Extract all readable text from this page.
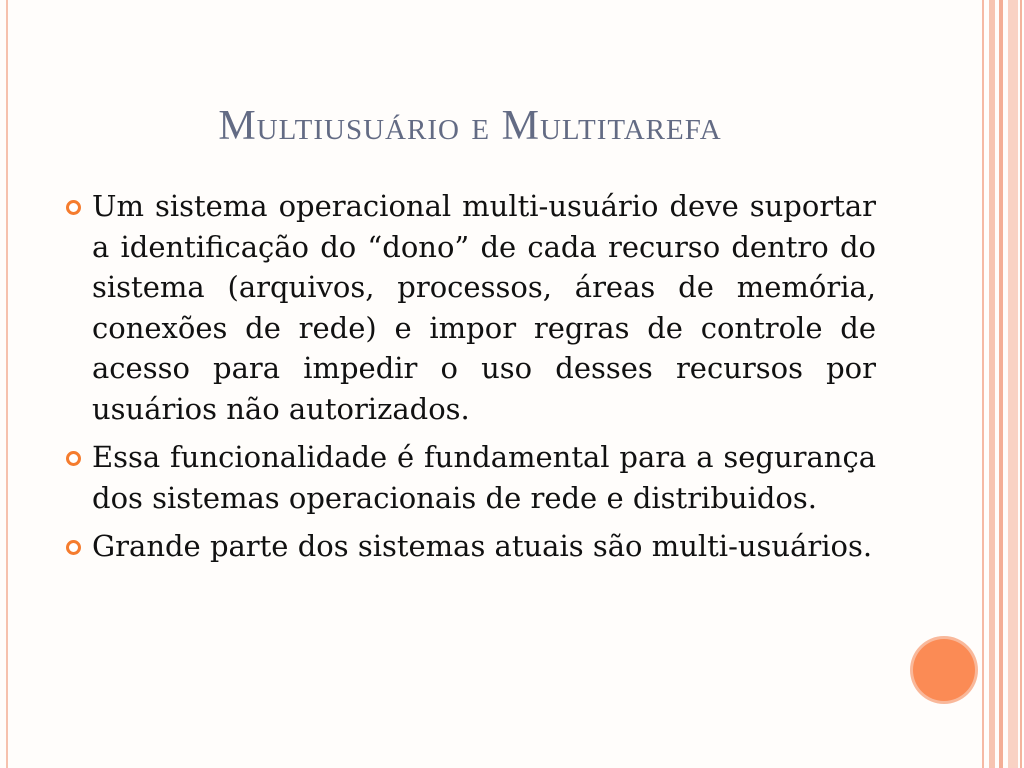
Multiusuário e Multitarefa
Um sistema operacional multi-usuário deve suportar a identificação do “dono” de cada recurso dentro do sistema (arquivos, processos, áreas de memória, conexões de rede) e impor regras de controle de acesso para impedir o uso desses recursos por usuários não autorizados.
Essa funcionalidade é fundamental para a segurança dos sistemas operacionais de rede e distribuidos.
Grande parte dos sistemas atuais são multi-usuários.
